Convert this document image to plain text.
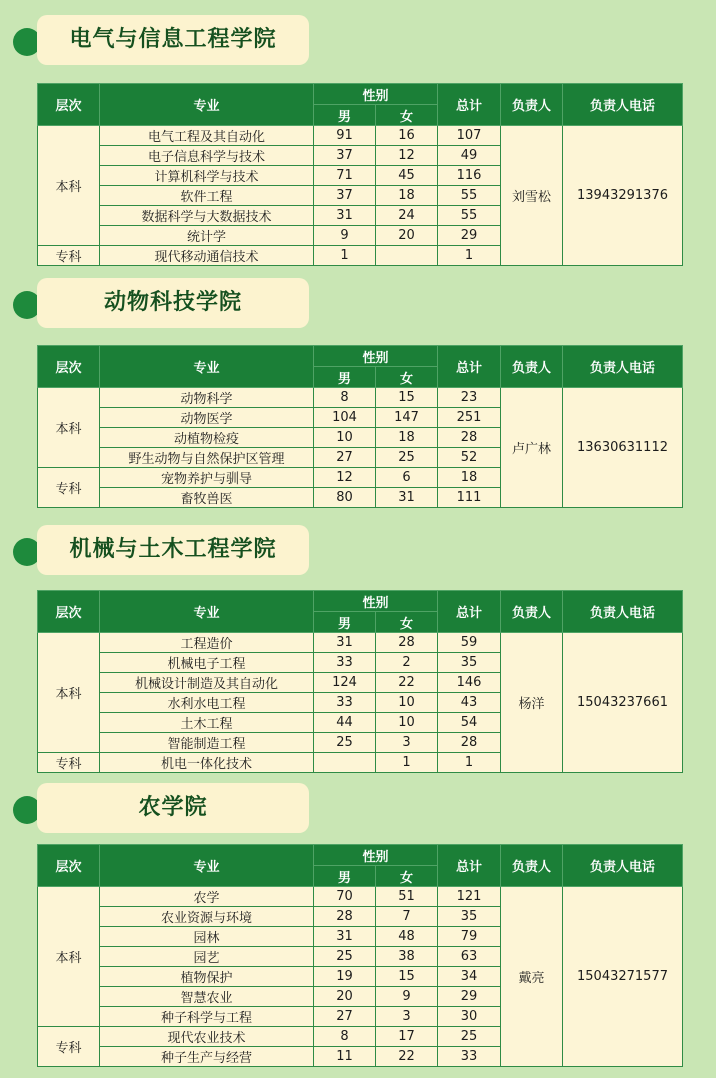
电气与信息工程学院
层次	专业	性别		总计	负责人	负责人电话
		男	女			
本科	电气工程及其自动化	91	16	107	刘雪松	13943291376
	电子信息科学与技术	37	12	49		
	计算机科学与技术	71	45	116		
	软件工程	37	18	55		
	数据科学与大数据技术	31	24	55		
	统计学	9	20	29		
专科	现代移动通信技术	1		1		
动物科技学院
层次	专业	性别		总计	负责人	负责人电话
		男	女			
本科	动物科学	8	15	23	卢广林	13630631112
	动物医学	104	147	251		
	动植物检疫	10	18	28		
	野生动物与自然保护区管理	27	25	52		
专科	宠物养护与驯导	12	6	18		
	畜牧兽医	80	31	111		
机械与土木工程学院
层次	专业	性别		总计	负责人	负责人电话
		男	女			
本科	工程造价	31	28	59	杨洋	15043237661
	机械电子工程	33	2	35		
	机械设计制造及其自动化	124	22	146		
	水利水电工程	33	10	43		
	土木工程	44	10	54		
	智能制造工程	25	3	28		
专科	机电一体化技术		1	1		
农学院
层次	专业	性别		总计	负责人	负责人电话
		男	女			
本科	农学	70	51	121	戴亮	15043271577
	农业资源与环境	28	7	35		
	园林	31	48	79		
	园艺	25	38	63		
	植物保护	19	15	34		
	智慧农业	20	9	29		
	种子科学与工程	27	3	30		
专科	现代农业技术	8	17	25		
	种子生产与经营	11	22	33		
